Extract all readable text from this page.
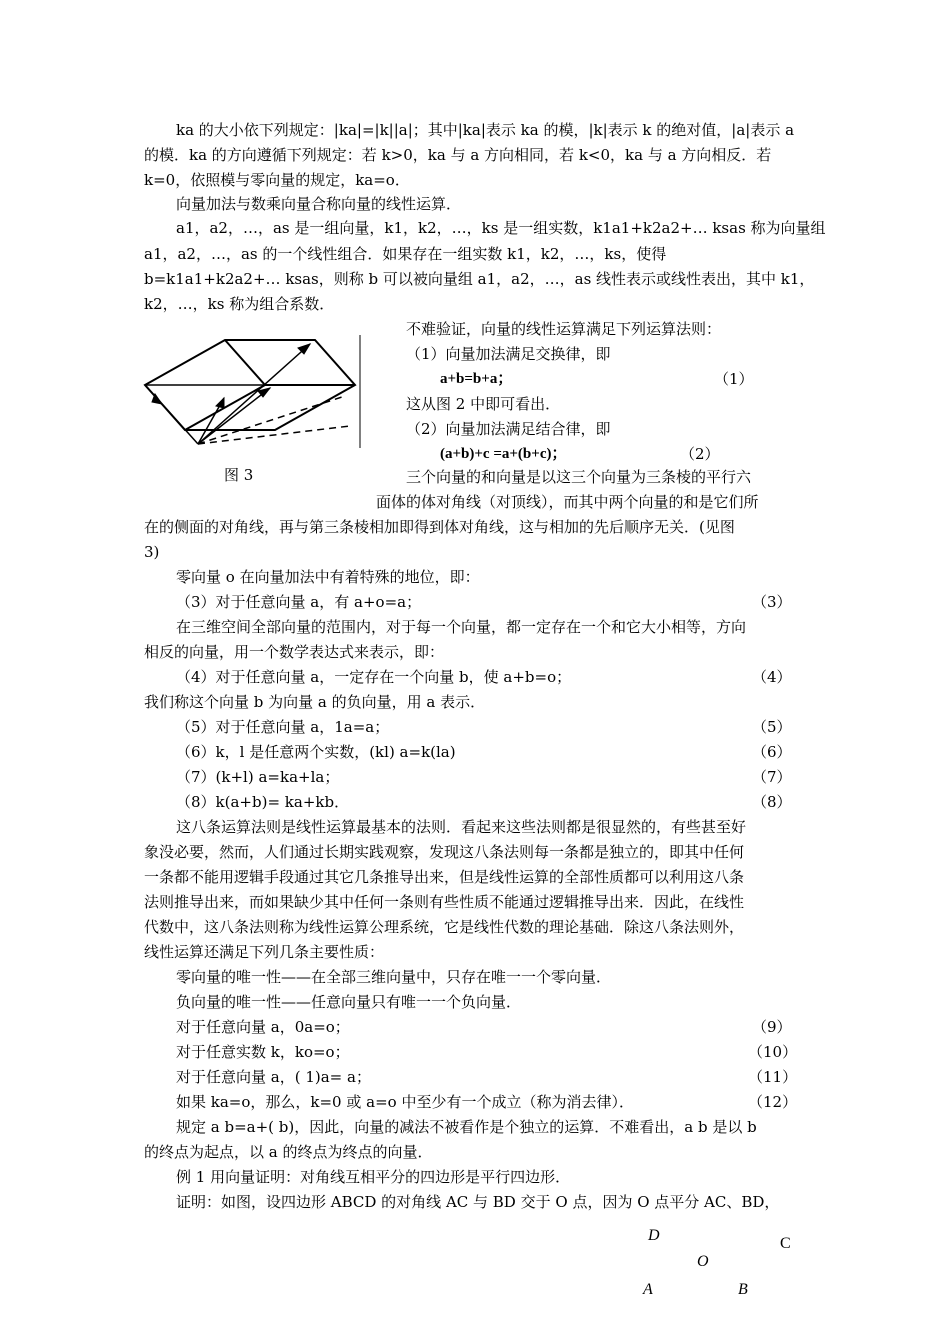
ka 的大小依下列规定：|ka|=|k||a|；其中|ka|表示 ka 的模，|k|表示 k 的绝对值，|a|表示 a
的模．ka 的方向遵循下列规定：若 k>0，ka 与 a 方向相同，若 k<0，ka 与 a 方向相反．若
k=0，依照模与零向量的规定，ka=o．
向量加法与数乘向量合称向量的线性运算．
a1，a2，…，as 是一组向量，k1，k2，…，ks 是一组实数，k1a1+k2a2+… ksas 称为向量组
a1，a2，…，as 的一个线性组合．如果存在一组实数 k1，k2，…，ks，使得
b=k1a1+k2a2+… ksas，则称 b 可以被向量组 a1，a2，…，as 线性表示或线性表出，其中 k1，
k2，…，ks 称为组合系数．
图 3
不难验证，向量的线性运算满足下列运算法则：
（1）向量加法满足交换律，即
a+b=b+a；	（1）
这从图 2 中即可看出．
（2）向量加法满足结合律，即
(a+b)+c =a+(b+c)；	（2）
三个向量的和向量是以这三个向量为三条棱的平行六
面体的体对角线（对顶线），而其中两个向量的和是它们所
在的侧面的对角线，再与第三条棱相加即得到体对角线，这与相加的先后顺序无关．(见图
3)
零向量 o 在向量加法中有着特殊的地位，即：
（3）对于任意向量 a，有 a+o=a；	（3）
在三维空间全部向量的范围内，对于每一个向量，都一定存在一个和它大小相等，方向
相反的向量，用一个数学表达式来表示，即：
（4）对于任意向量 a，一定存在一个向量 b，使 a+b=o；	（4）
我们称这个向量 b 为向量 a 的负向量，用 a 表示．
（5）对于任意向量 a，1a=a；	（5）
（6）k，l 是任意两个实数，(kl) a=k(la)	（6）
（7）(k+l) a=ka+la；	（7）
（8）k(a+b)= ka+kb．	（8）
这八条运算法则是线性运算最基本的法则．看起来这些法则都是很显然的，有些甚至好
象没必要，然而，人们通过长期实践观察，发现这八条法则每一条都是独立的，即其中任何
一条都不能用逻辑手段通过其它几条推导出来，但是线性运算的全部性质都可以利用这八条
法则推导出来，而如果缺少其中任何一条则有些性质不能通过逻辑推导出来．因此，在线性
代数中，这八条法则称为线性运算公理系统，它是线性代数的理论基础．除这八条法则外，
线性运算还满足下列几条主要性质：
零向量的唯一性——在全部三维向量中，只存在唯一一个零向量．
负向量的唯一性——任意向量只有唯一一个负向量．
对于任意向量 a，0a=o；	（9）
对于任意实数 k，ko=o；	（10）
对于任意向量 a，( 1)a= a；	（11）
如果 ka=o，那么，k=0 或 a=o 中至少有一个成立（称为消去律）．	（12）
规定 a b=a+( b)，因此，向量的减法不被看作是个独立的运算．不难看出，a b 是以 b
的终点为起点，以 a 的终点为终点的向量．
例 1 用向量证明：对角线互相平分的四边形是平行四边形．
证明：如图，设四边形 ABCD 的对角线 AC 与 BD 交于 O 点，因为 O 点平分 AC、BD，
D	C
O
A	B
